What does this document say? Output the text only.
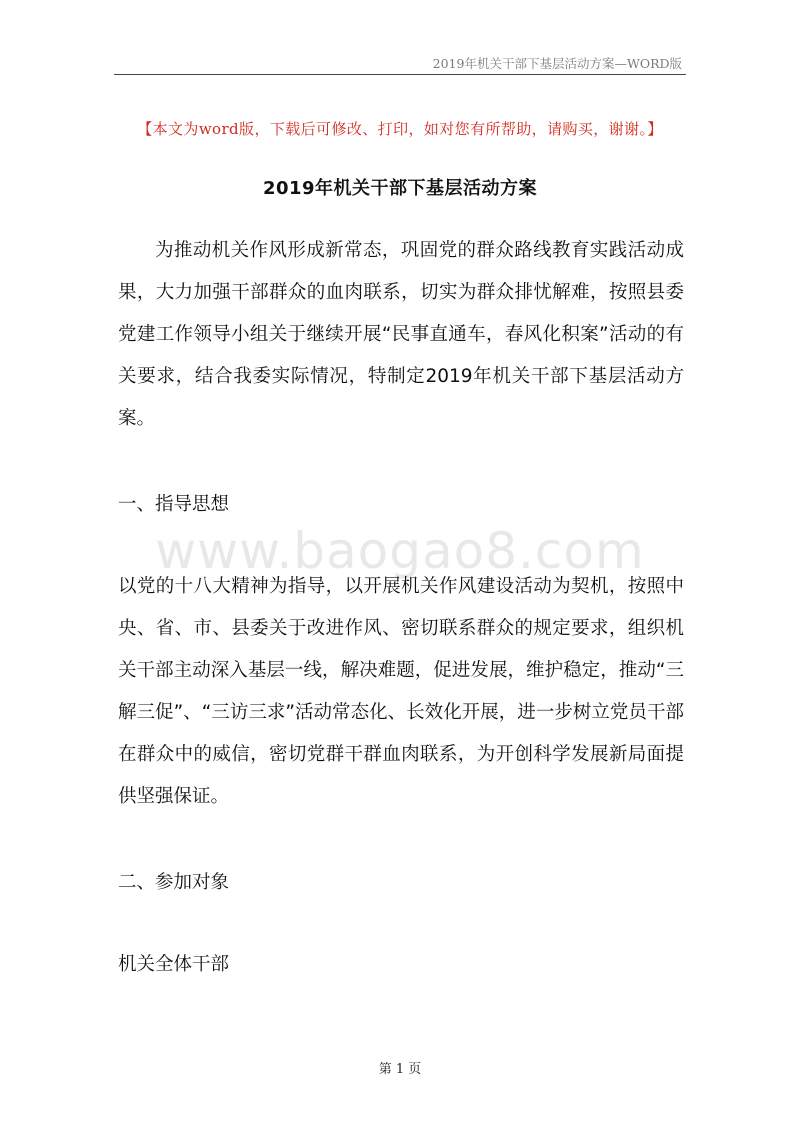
2019年机关干部下基层活动方案—WORD版
【本文为word版，下载后可修改、打印，如对您有所帮助，请购买，谢谢。】
2019年机关干部下基层活动方案

为推动机关作风形成新常态，巩固党的群众路线教育实践活动成果，大力加强干部群众的血肉联系，切实为群众排忧解难，按照县委党建工作领导小组关于继续开展“民事直通车，春风化积案”活动的有关要求，结合我委实际情况，特制定2019年机关干部下基层活动方案。

一、指导思想
www.baogao8.com

以党的十八大精神为指导，以开展机关作风建设活动为契机，按照中央、省、市、县委关于改进作风、密切联系群众的规定要求，组织机关干部主动深入基层一线，解决难题，促进发展，维护稳定，推动“三解三促”、“三访三求”活动常态化、长效化开展，进一步树立党员干部在群众中的威信，密切党群干群血肉联系，为开创科学发展新局面提供坚强保证。

二、参加对象

机关全体干部

第 1 页
